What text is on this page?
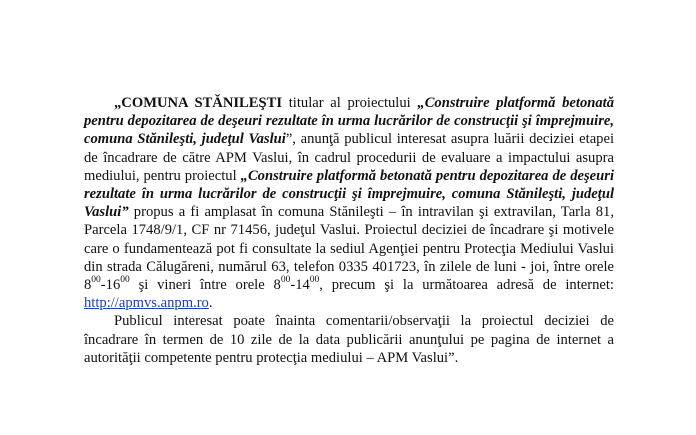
„COMUNA STĂNILEŞTI titular al proiectului „Construire platformă betonată pentru depozitarea de deşeuri rezultate în urma lucrărilor de construcţii şi împrejmuire, comuna Stănileşti, judeţul Vaslui”, anunţă publicul interesat asupra luării deciziei etapei de încadrare de către APM Vaslui, în cadrul procedurii de evaluare a impactului asupra mediului, pentru proiectul „Construire platformă betonată pentru depozitarea de deşeuri rezultate în urma lucrărilor de construcţii şi împrejmuire, comuna Stănileşti, judeţul Vaslui” propus a fi amplasat în comuna Stănileşti – în intravilan şi extravilan, Tarla 81, Parcela 1748/9/1, CF nr 71456, judeţul Vaslui. Proiectul deciziei de încadrare şi motivele care o fundamentează pot fi consultate la sediul Agenţiei pentru Protecţia Mediului Vaslui din strada Călugăreni, numărul 63, telefon 0335 401723, în zilele de luni - joi, între orele $8^{00}-16^{00}$ şi vineri între orele $8^{00}-14^{00}$, precum şi la următoarea adresă de internet: http://apmvs.anpm.ro.

Publicul interesat poate înainta comentarii/observaţii la proiectul deciziei de încadrare în termen de 10 zile de la data publicării anunţului pe pagina de internet a autorităţii competente pentru protecţia mediului – APM Vaslui”.
